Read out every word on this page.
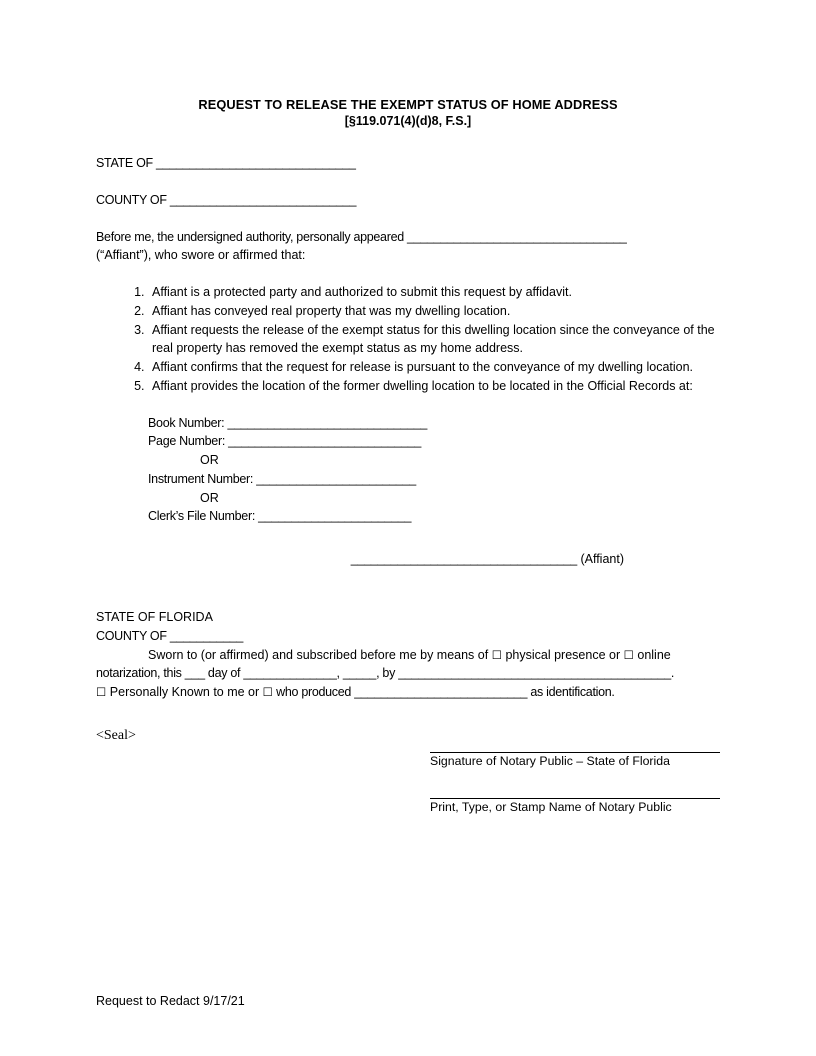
REQUEST TO RELEASE THE EXEMPT STATUS OF HOME ADDRESS
[§119.071(4)(d)8, F.S.]
STATE OF ______________________________
COUNTY OF ____________________________
Before me, the undersigned authority, personally appeared _________________________________
(“Affiant”), who swore or affirmed that:
1. Affiant is a protected party and authorized to submit this request by affidavit.
2. Affiant has conveyed real property that was my dwelling location.
3. Affiant requests the release of the exempt status for this dwelling location since the conveyance of the real property has removed the exempt status as my home address.
4. Affiant confirms that the request for release is pursuant to the conveyance of my dwelling location.
5. Affiant provides the location of the former dwelling location to be located in the Official Records at:
Book Number: ______________________________
Page Number: _____________________________
OR
Instrument Number: ________________________
OR
Clerk’s File Number: _______________________
__________________________________ (Affiant)
STATE OF FLORIDA
COUNTY OF ___________
Sworn to (or affirmed) and subscribed before me by means of ☐ physical presence or ☐ online
notarization, this ___ day of ______________, _____, by _________________________________________.
☐ Personally Known to me or ☐ who produced __________________________ as identification.
<Seal>
Signature of Notary Public – State of Florida
Print, Type, or Stamp Name of Notary Public
Request to Redact 9/17/21
